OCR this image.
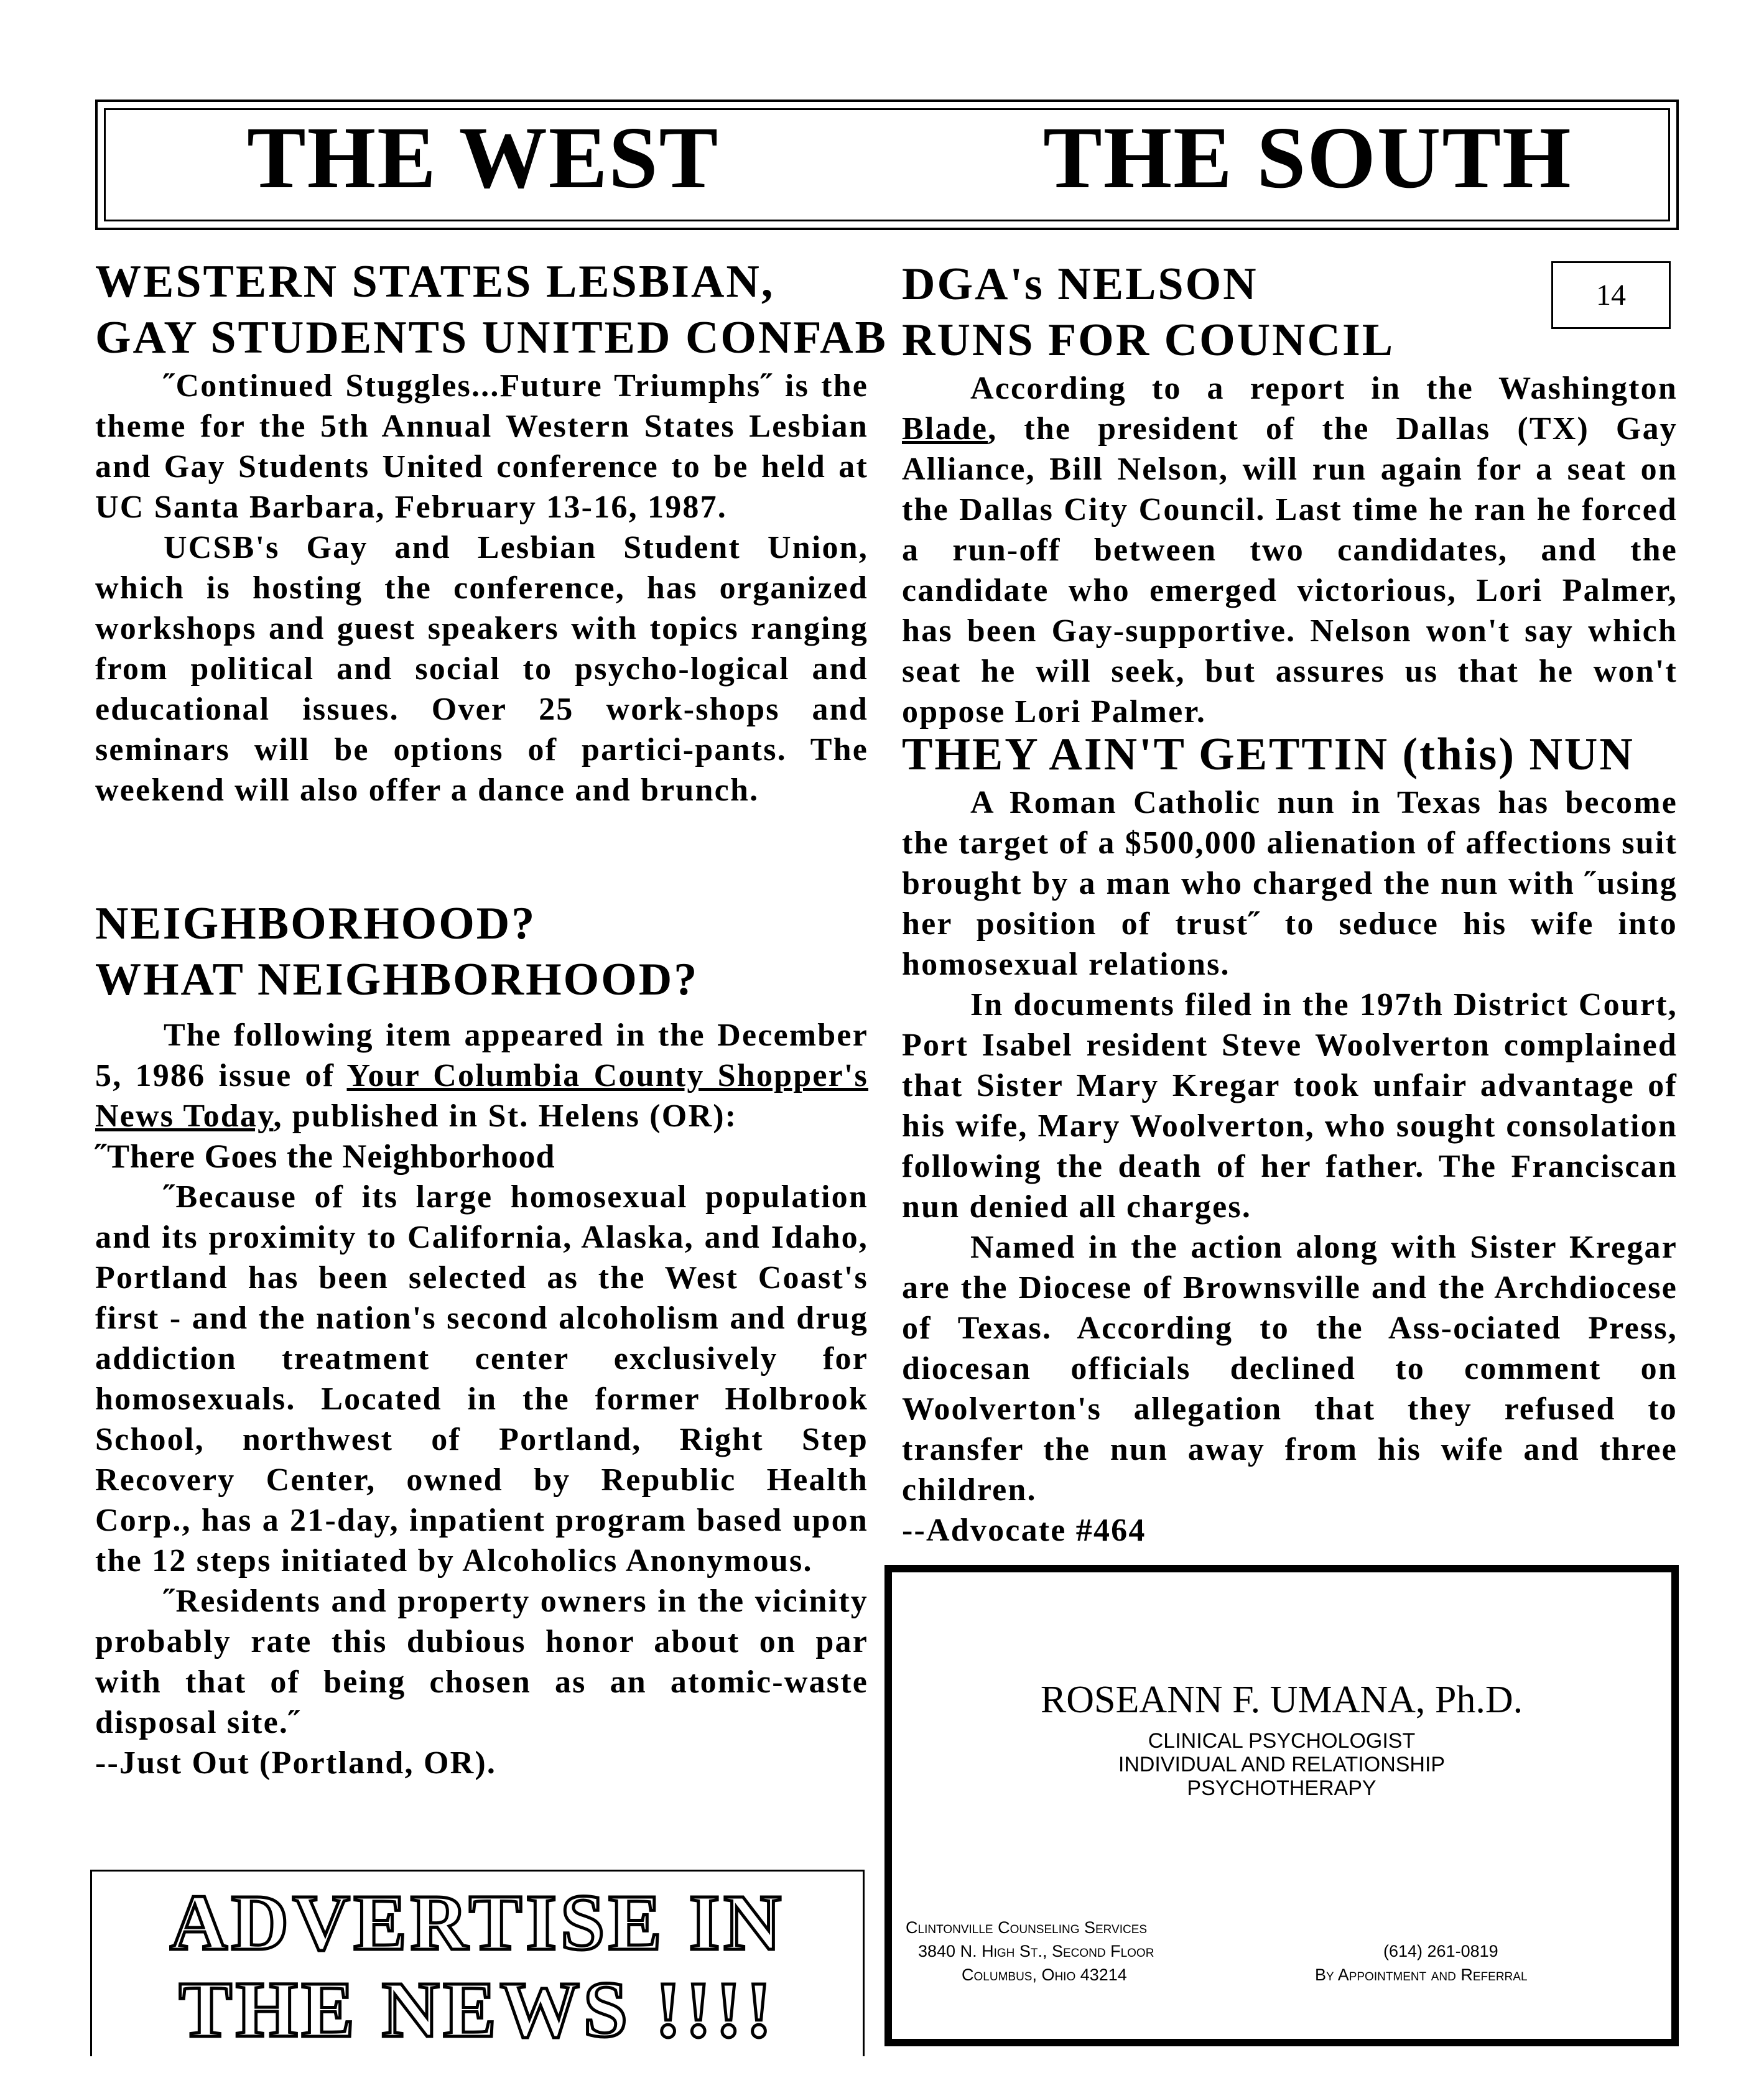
THE WEST	THE SOUTH
14
WESTERN STATES LESBIAN,
GAY STUDENTS UNITED CONFAB

˝Continued Stuggles...Future Triumphs˝ is the theme for the 5th Annual Western States Lesbian and Gay Students United conference to be held at UC Santa Barbara, February 13-16, 1987.

UCSB's Gay and Lesbian Student Union, which is hosting the conference, has organized workshops and guest speakers with topics ranging from political and social to psycho-logical and educational issues. Over 25 work-shops and seminars will be options of partici-pants. The weekend will also offer a dance and brunch.

NEIGHBORHOOD?
WHAT NEIGHBORHOOD?

The following item appeared in the December 5, 1986 issue of Your Columbia County Shopper's News Today, published in St. Helens (OR):

˝There Goes the Neighborhood

˝Because of its large homosexual population and its proximity to California, Alaska, and Idaho, Portland has been selected as the West Coast's first - and the nation's second alcoholism and drug addiction treatment center exclusively for homosexuals. Located in the former Holbrook School, northwest of Portland, Right Step Recovery Center, owned by Republic Health Corp., has a 21-day, inpatient program based upon the 12 steps initiated by Alcoholics Anonymous.

˝Residents and property owners in the vicinity probably rate this dubious honor about on par with that of being chosen as an atomic-waste disposal site.˝

--Just Out (Portland, OR).

ADVERTISE IN
THE NEWS !!!!
DGA's NELSON
RUNS FOR COUNCIL

According to a report in the Washington Blade, the president of the Dallas (TX) Gay Alliance, Bill Nelson, will run again for a seat on the Dallas City Council. Last time he ran he forced a run-off between two candidates, and the candidate who emerged victorious, Lori Palmer, has been Gay-supportive. Nelson won't say which seat he will seek, but assures us that he won't oppose Lori Palmer.

THEY AIN'T GETTIN (this) NUN

A Roman Catholic nun in Texas has become the target of a $500,000 alienation of affections suit brought by a man who charged the nun with ˝using her position of trust˝ to seduce his wife into homosexual relations.

In documents filed in the 197th District Court, Port Isabel resident Steve Woolverton complained that Sister Mary Kregar took unfair advantage of his wife, Mary Woolverton, who sought consolation following the death of her father. The Franciscan nun denied all charges.

Named in the action along with Sister Kregar are the Diocese of Brownsville and the Archdiocese of Texas. According to the Ass-ociated Press, diocesan officials declined to comment on Woolverton's allegation that they refused to transfer the nun away from his wife and three children.

--Advocate #464

ROSEANN F. UMANA, Ph.D.
CLINICAL PSYCHOLOGIST
INDIVIDUAL AND RELATIONSHIP
PSYCHOTHERAPY
Clintonville Counseling Services
3840 N. High St., Second Floor
Columbus, Ohio 43214
(614) 261-0819
By Appointment and Referral
